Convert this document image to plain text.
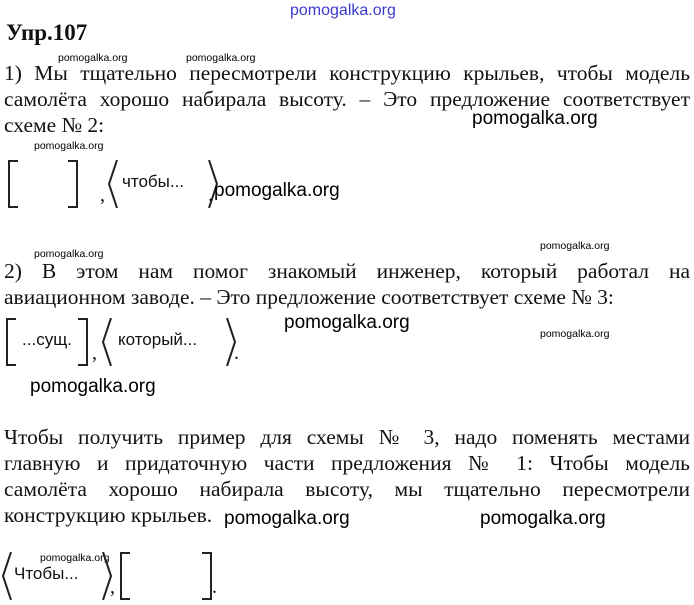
pomogalka.org
Упр.107
pomogalka.org	pomogalka.org
1) Мы тщательно пересмотрели конструкцию крыльев, чтобы модель
самолёта хорошо набирала высоту. – Это предложение соответствует
схеме № 2:	pomogalka.org
pomogalka.org
,
чтобы...
. pomogalka.org
pomogalka.org
pomogalka.org
2) В этом нам помог знакомый инженер, который работал на
авиационном заводе. – Это предложение соответствует схеме № 3:
pomogalka.org
pomogalka.org
...сущ.
,
который...
.
pomogalka.org
Чтобы получить пример для схемы № 3, надо поменять местами
главную и придаточную части предложения № 1: Чтобы модель
самолёта хорошо набирала высоту, мы тщательно пересмотрели
конструкцию крыльев. pomogalka.org	pomogalka.org
pomogalka.org
Чтобы...
,	.
